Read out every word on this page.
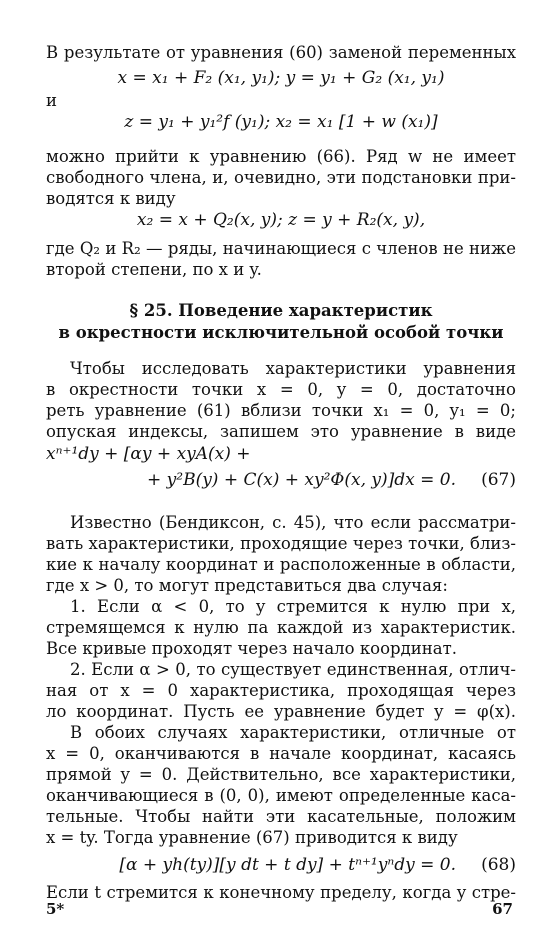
В результате от уравнения (60) заменой переменных
x = x₁ + F₂ (x₁, y₁); y = y₁ + G₂ (x₁, y₁)
и
z = y₁ + y₁²f (y₁); x₂ = x₁ [1 + w (x₁)]
можно прийти к уравнению (66). Ряд w не имеет
свободного члена, и, очевидно, эти подстановки при-
водятся к виду
x₂ = x + Q₂(x, y); z = y + R₂(x, y),
где Q₂ и R₂ — ряды, начинающиеся с членов не ниже
второй степени, по x и y.
Чтобы исследовать характеристики уравнения
в окрестности точки x = 0, y = 0, достаточно
реть уравнение (61) вблизи точки x₁ = 0, y₁ = 0;
опуская индексы, запишем это уравнение в виде
xⁿ⁺¹dy + [αy + xyA(x) +
+ y²B(y) + C(x) + xy²Φ(x, y)]dx = 0. (67)
Известно (Бендиксон, с. 45), что если рассматри-
вать характеристики, проходящие через точки, близ-
кие к началу координат и расположенные в области,
где x > 0, то могут представиться два случая:
1. Если α < 0, то y стремится к нулю при x,
стремящемся к нулю па каждой из характеристик.
Все кривые проходят через начало координат.
2. Если α > 0, то существует единственная, отлич-
ная от x = 0 характеристика, проходящая через
ло координат. Пусть ее уравнение будет y = φ(x).
В обоих случаях характеристики, отличные от
x = 0, оканчиваются в начале координат, касаясь
прямой y = 0. Действительно, все характеристики,
оканчивающиеся в (0, 0), имеют определенные каса-
тельные. Чтобы найти эти касательные, положим
x = ty. Тогда уравнение (67) приводится к виду
[α + yh(ty)][y dt + t dy] + tⁿ⁺¹yⁿdy = 0. (68)
Если t стремится к конечному пределу, когда y стре-
§ 25. Поведение характеристик
в окрестности исключительной особой точки
5*	67
